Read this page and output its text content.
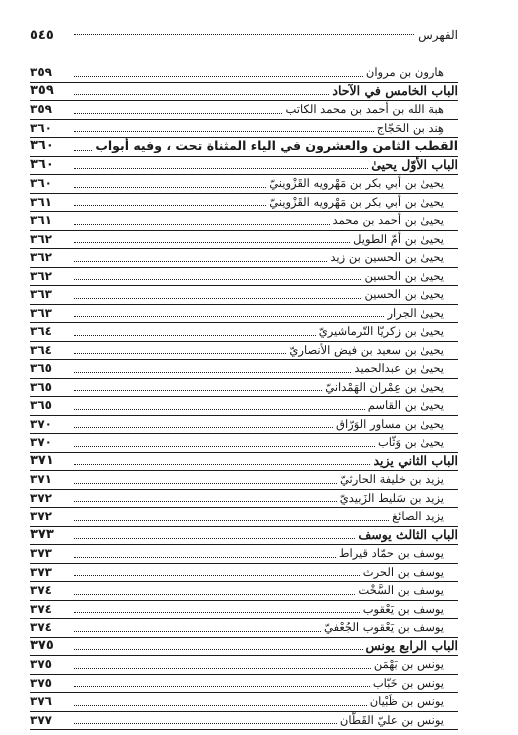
٥٤٥	الفهرس
٣٥٩	هارون بن مروان
٣٥٩	الباب الخامس في الآحاد
٣٥٩	هبة الله بن أحمد بن محمد الكاتب
٣٦٠	هِند بن الحَجّاج
٣٦٠	القطب الثامن والعشرون في الياء المثناة تحت ، وفيه أبواب
٣٦٠	الباب الأوّل يحيىٰ
٣٦٠	يحيىٰ بن أبي بكر بن مَهْرويه القَزْوينيّ
٣٦١	يحيىٰ بن أبي بكر بن مَهْرويه القَزْوينيّ
٣٦١	يحيىٰ بن أحمد بن محمد
٣٦٢	يحيىٰ بن أمّ الطويل
٣٦٢	يحيىٰ بن الحسين بن زيد
٣٦٢	يحيىٰ بن الحسين
٣٦٣	يحيىٰ بن الحسين
٣٦٣	يحيىٰ الجرار
٣٦٤	يحيىٰ بن زكريّا التّرماشيريّ
٣٦٤	يحيىٰ بن سعيد بن فيض الأنصاريّ
٣٦٥	يحيىٰ بن عبدالحميد
٣٦٥	يحيىٰ بن عِمْران الهَمْدانيّ
٣٦٥	يحيىٰ بن القاسم
٣٧٠	يحيىٰ بن مساور الوَرّاق
٣٧٠	يحيىٰ بن وَثّاب
٣٧١	الباب الثاني يزيد
٣٧١	يزيد بن خليفة الحارثيّ
٣٧٢	يزيد بن سَليط الزَبيديّ
٣٧٢	يزيد الصائغ
٣٧٣	الباب الثالث يوسف
٣٧٣	يوسف بن حمّاد قيراط
٣٧٣	يوسف بن الحرث
٣٧٤	يوسف بن السَّخْت
٣٧٤	يوسف بن يَعْقوب
٣٧٤	يوسف بن يَعْقوب الجُعْفيّ
٣٧٥	الباب الرابع يونس
٣٧٥	يونس بن بَهْمَن
٣٧٥	يونس بن خَبّاب
٣٧٦	يونس بن ظَبْيان
٣٧٧	يونس بن عليّ القَطّان
